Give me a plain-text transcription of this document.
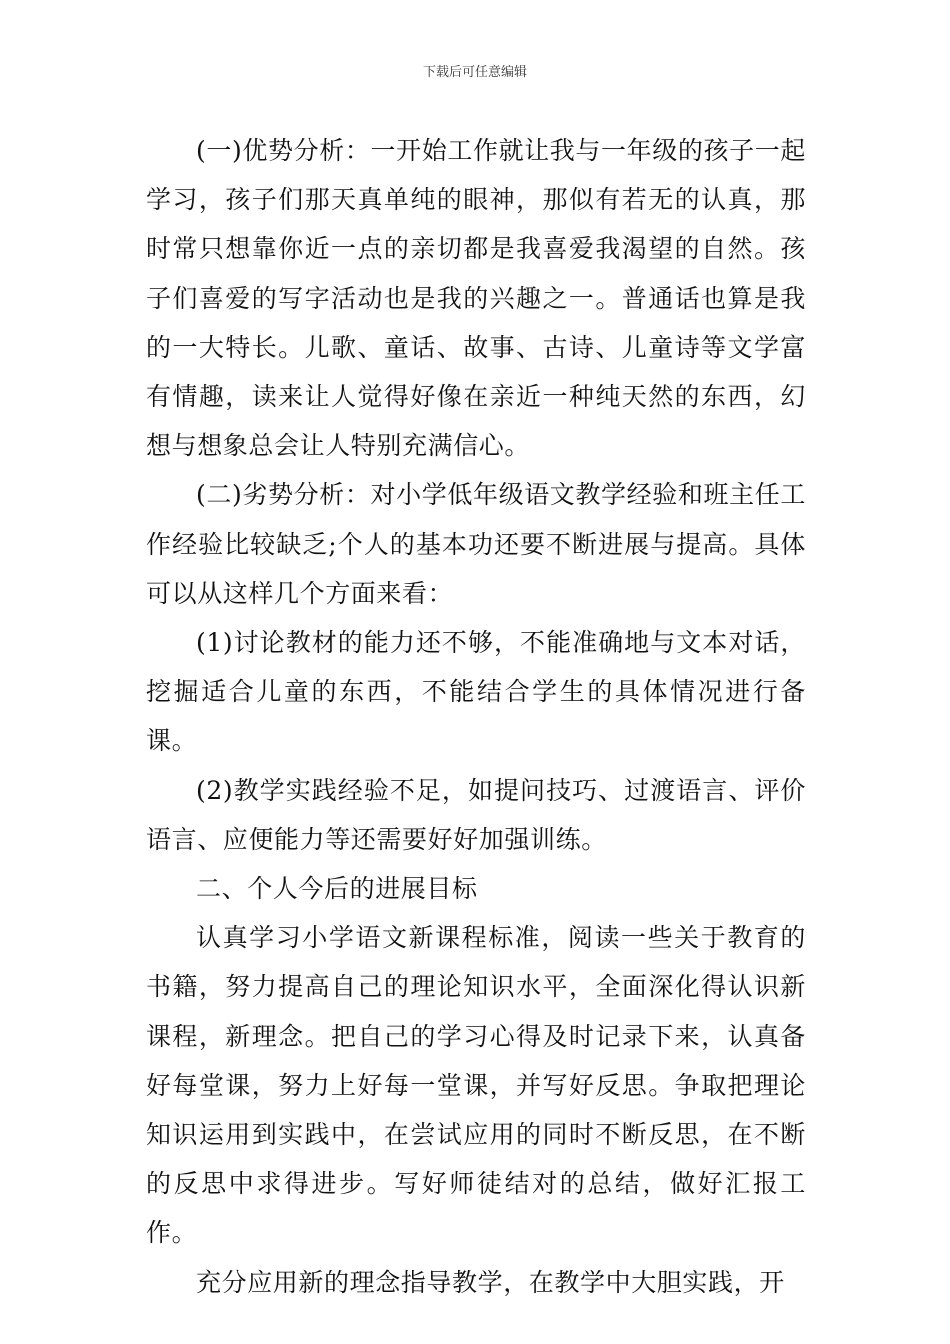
下载后可任意编辑

(一)优势分析：一开始工作就让我与一年级的孩子一起学习，孩子们那天真单纯的眼神，那似有若无的认真，那时常只想靠你近一点的亲切都是我喜爱我渴望的自然。孩子们喜爱的写字活动也是我的兴趣之一。普通话也算是我的一大特长。儿歌、童话、故事、古诗、儿童诗等文学富有情趣，读来让人觉得好像在亲近一种纯天然的东西，幻想与想象总会让人特别充满信心。

(二)劣势分析：对小学低年级语文教学经验和班主任工作经验比较缺乏;个人的基本功还要不断进展与提高。具体可以从这样几个方面来看：

(1)讨论教材的能力还不够，不能准确地与文本对话，挖掘适合儿童的东西，不能结合学生的具体情况进行备课。

(2)教学实践经验不足，如提问技巧、过渡语言、评价语言、应便能力等还需要好好加强训练。

二、个人今后的进展目标

认真学习小学语文新课程标准，阅读一些关于教育的书籍，努力提高自己的理论知识水平，全面深化得认识新课程，新理念。把自己的学习心得及时记录下来，认真备好每堂课，努力上好每一堂课，并写好反思。争取把理论知识运用到实践中，在尝试应用的同时不断反思，在不断的反思中求得进步。写好师徒结对的总结，做好汇报工作。

充分应用新的理念指导教学，在教学中大胆实践，开
